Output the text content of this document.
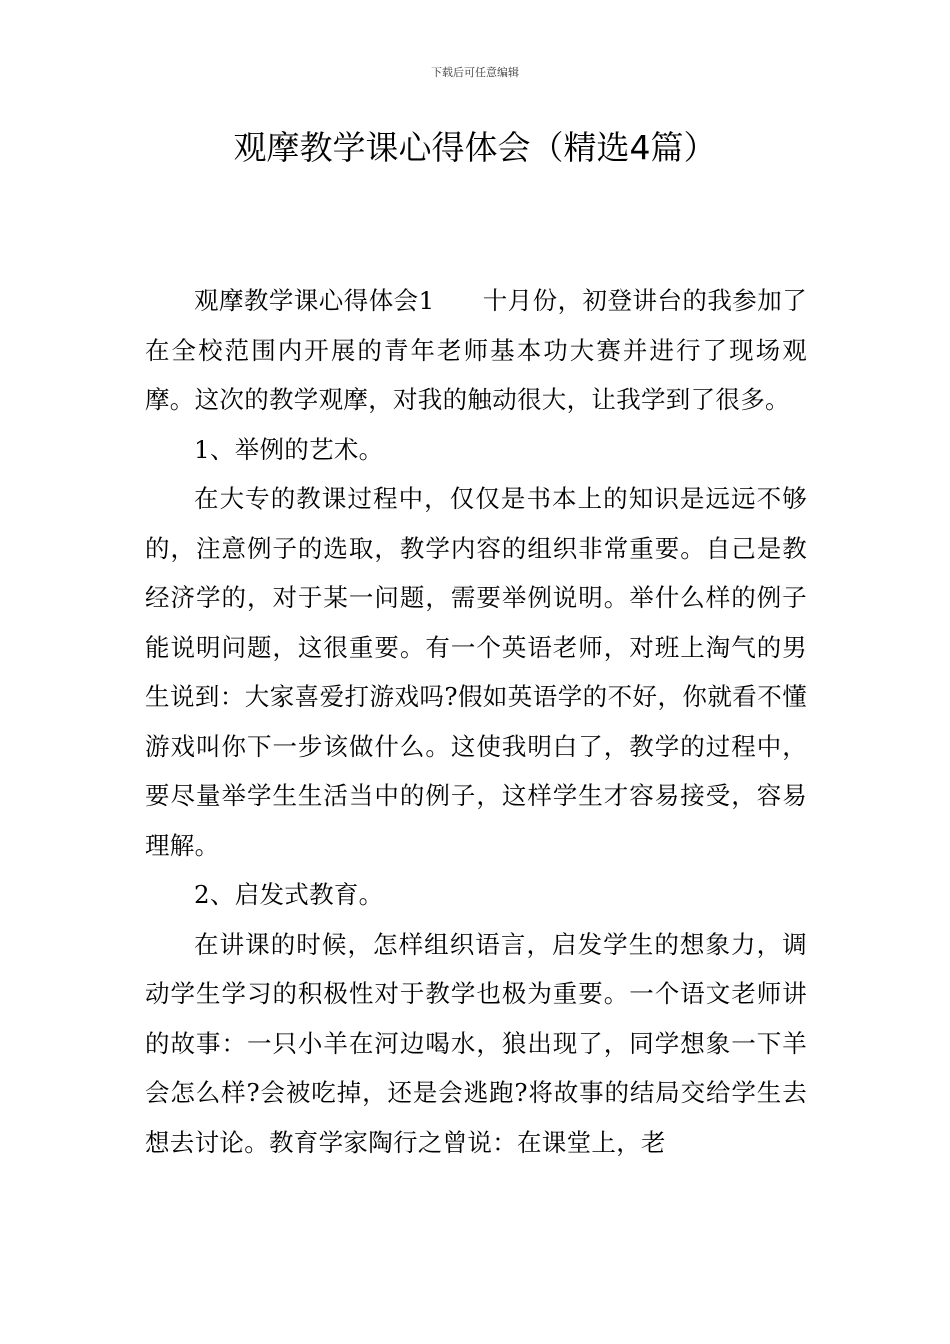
下载后可任意编辑
观摩教学课心得体会（精选4篇）

观摩教学课心得体会1 十月份，初登讲台的我参加了在全校范围内开展的青年老师基本功大赛并进行了现场观摩。这次的教学观摩，对我的触动很大，让我学到了很多。

1、举例的艺术。

在大专的教课过程中，仅仅是书本上的知识是远远不够的，注意例子的选取，教学内容的组织非常重要。自己是教经济学的，对于某一问题，需要举例说明。举什么样的例子能说明问题，这很重要。有一个英语老师，对班上淘气的男生说到：大家喜爱打游戏吗?假如英语学的不好，你就看不懂游戏叫你下一步该做什么。这使我明白了，教学的过程中，要尽量举学生生活当中的例子，这样学生才容易接受，容易理解。

2、启发式教育。

在讲课的时候，怎样组织语言，启发学生的想象力，调动学生学习的积极性对于教学也极为重要。一个语文老师讲的故事：一只小羊在河边喝水，狼出现了，同学想象一下羊会怎么样?会被吃掉，还是会逃跑?将故事的结局交给学生去想去讨论。教育学家陶行之曾说：在课堂上，老
